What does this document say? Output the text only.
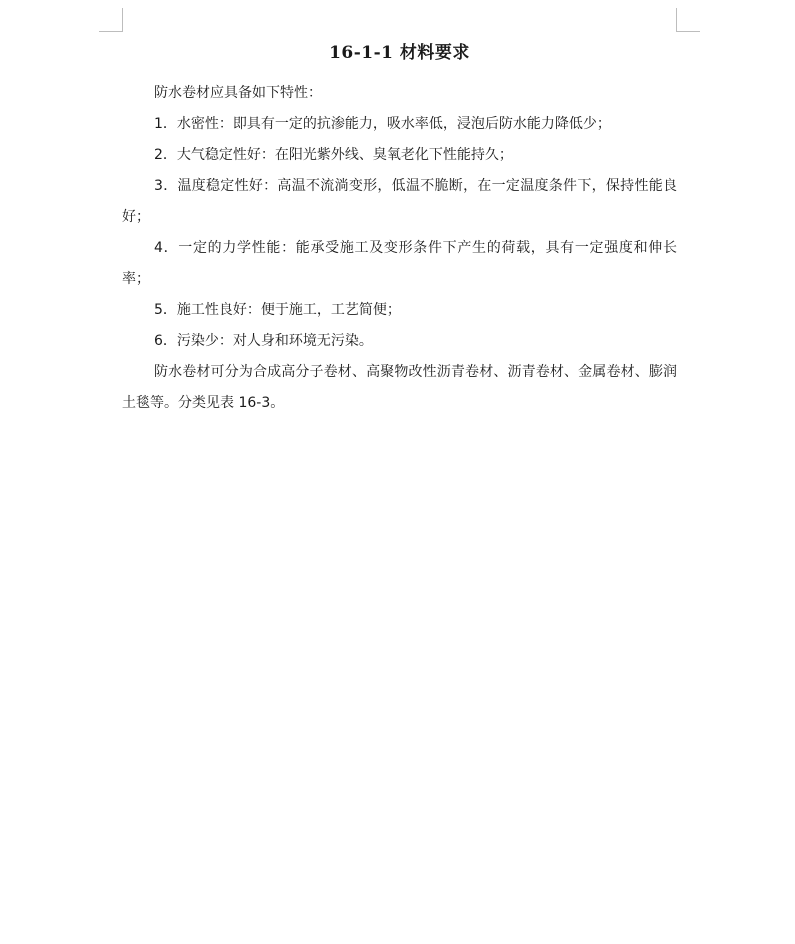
16-1-1 材料要求

防水卷材应具备如下特性：

1．水密性：即具有一定的抗渗能力，吸水率低，浸泡后防水能力降低少；

2．大气稳定性好：在阳光紫外线、臭氧老化下性能持久；

3．温度稳定性好：高温不流淌变形，低温不脆断，在一定温度条件下，保持性能良好；

4．一定的力学性能：能承受施工及变形条件下产生的荷载，具有一定强度和伸长率；

5．施工性良好：便于施工，工艺简便；

6．污染少：对人身和环境无污染。

防水卷材可分为合成高分子卷材、高聚物改性沥青卷材、沥青卷材、金属卷材、膨润土毯等。分类见表 16-3。
